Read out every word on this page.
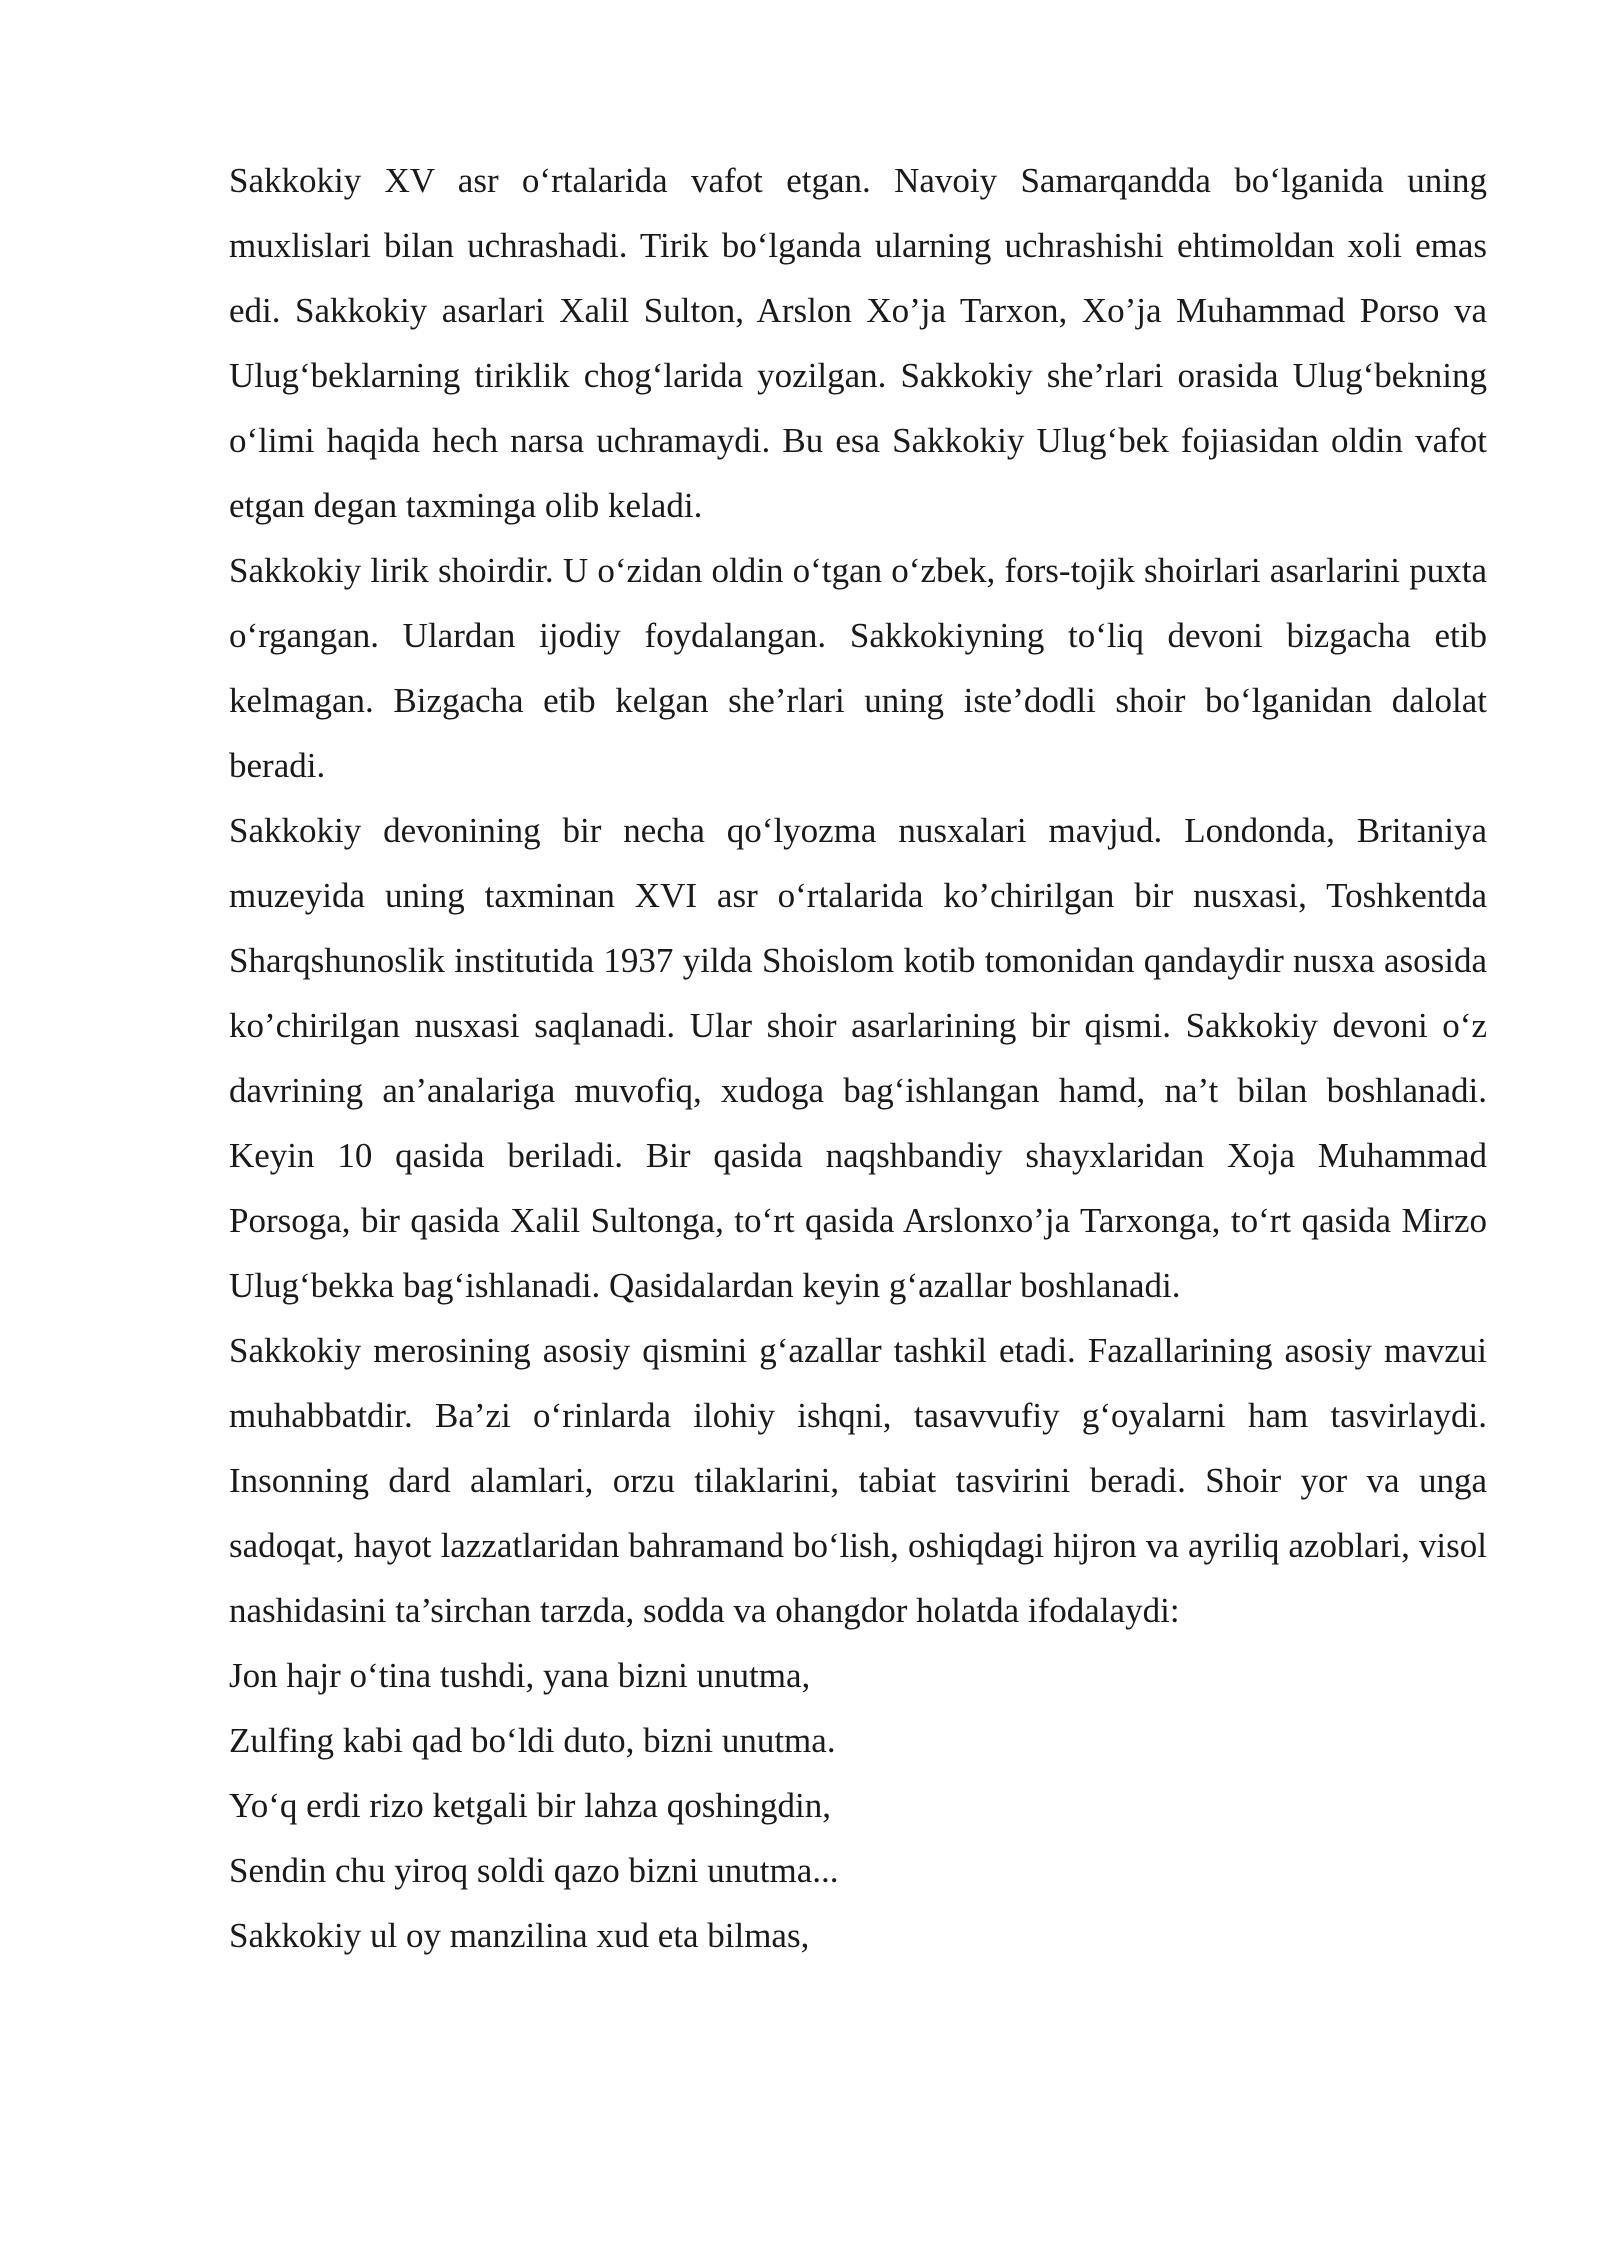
Sakkokiy XV asr oʻrtalarida vafot etgan. Navoiy Samarqandda boʻlganida uning muxlislari bilan uchrashadi. Tirik boʻlganda ularning uchrashishi ehtimoldan xoli emas edi. Sakkokiy asarlari Xalil Sulton, Arslon Xo’ja Tarxon, Xo’ja Muhammad Porso va Ulugʻbeklarning tiriklik chogʻlarida yozilgan. Sakkokiy she’rlari orasida Ulugʻbekning oʻlimi haqida hech narsa uchramaydi. Bu esa Sakkokiy Ulugʻbek fojiasidan oldin vafot etgan degan taxminga olib keladi.

Sakkokiy lirik shoirdir. U oʻzidan oldin oʻtgan oʻzbek, fors-tojik shoirlari asarlarini puxta oʻrgangan. Ulardan ijodiy foydalangan. Sakkokiyning toʻliq devoni bizgacha etib kelmagan. Bizgacha etib kelgan she’rlari uning iste’dodli shoir boʻlganidan dalolat beradi.

Sakkokiy devonining bir necha qoʻlyozma nusxalari mavjud. Londonda, Britaniya muzeyida uning taxminan XVI asr oʻrtalarida ko’chirilgan bir nusxasi, Toshkentda Sharqshunoslik institutida 1937 yilda Shoislom kotib tomonidan qandaydir nusxa asosida ko’chirilgan nusxasi saqlanadi. Ular shoir asarlarining bir qismi. Sakkokiy devoni oʻz davrining an’analariga muvofiq, xudoga bagʻishlangan hamd, na’t bilan boshlanadi. Keyin 10 qasida beriladi. Bir qasida naqshbandiy shayxlaridan Xoja Muhammad Porsoga, bir qasida Xalil Sultonga, toʻrt qasida Arslonxo’ja Tarxonga, toʻrt qasida Mirzo Ulugʻbekka bagʻishlanadi. Qasidalardan keyin gʻazallar boshlanadi.

Sakkokiy merosining asosiy qismini gʻazallar tashkil etadi. Fazallarining asosiy mavzui muhabbatdir. Ba’zi oʻrinlarda ilohiy ishqni, tasavvufiy gʻoyalarni ham tasvirlaydi. Insonning dard alamlari, orzu tilaklarini, tabiat tasvirini beradi. Shoir yor va unga sadoqat, hayot lazzatlaridan bahramand boʻlish, oshiqdagi hijron va ayriliq azoblari, visol nashidasini ta’sirchan tarzda, sodda va ohangdor holatda ifodalaydi:

Jon hajr oʻtina tushdi, yana bizni unutma,

Zulfing kabi qad boʻldi duto, bizni unutma.

Yoʻq erdi rizo ketgali bir lahza qoshingdin,

Sendin chu yiroq soldi qazo bizni unutma...

Sakkokiy ul oy manzilina xud eta bilmas,
